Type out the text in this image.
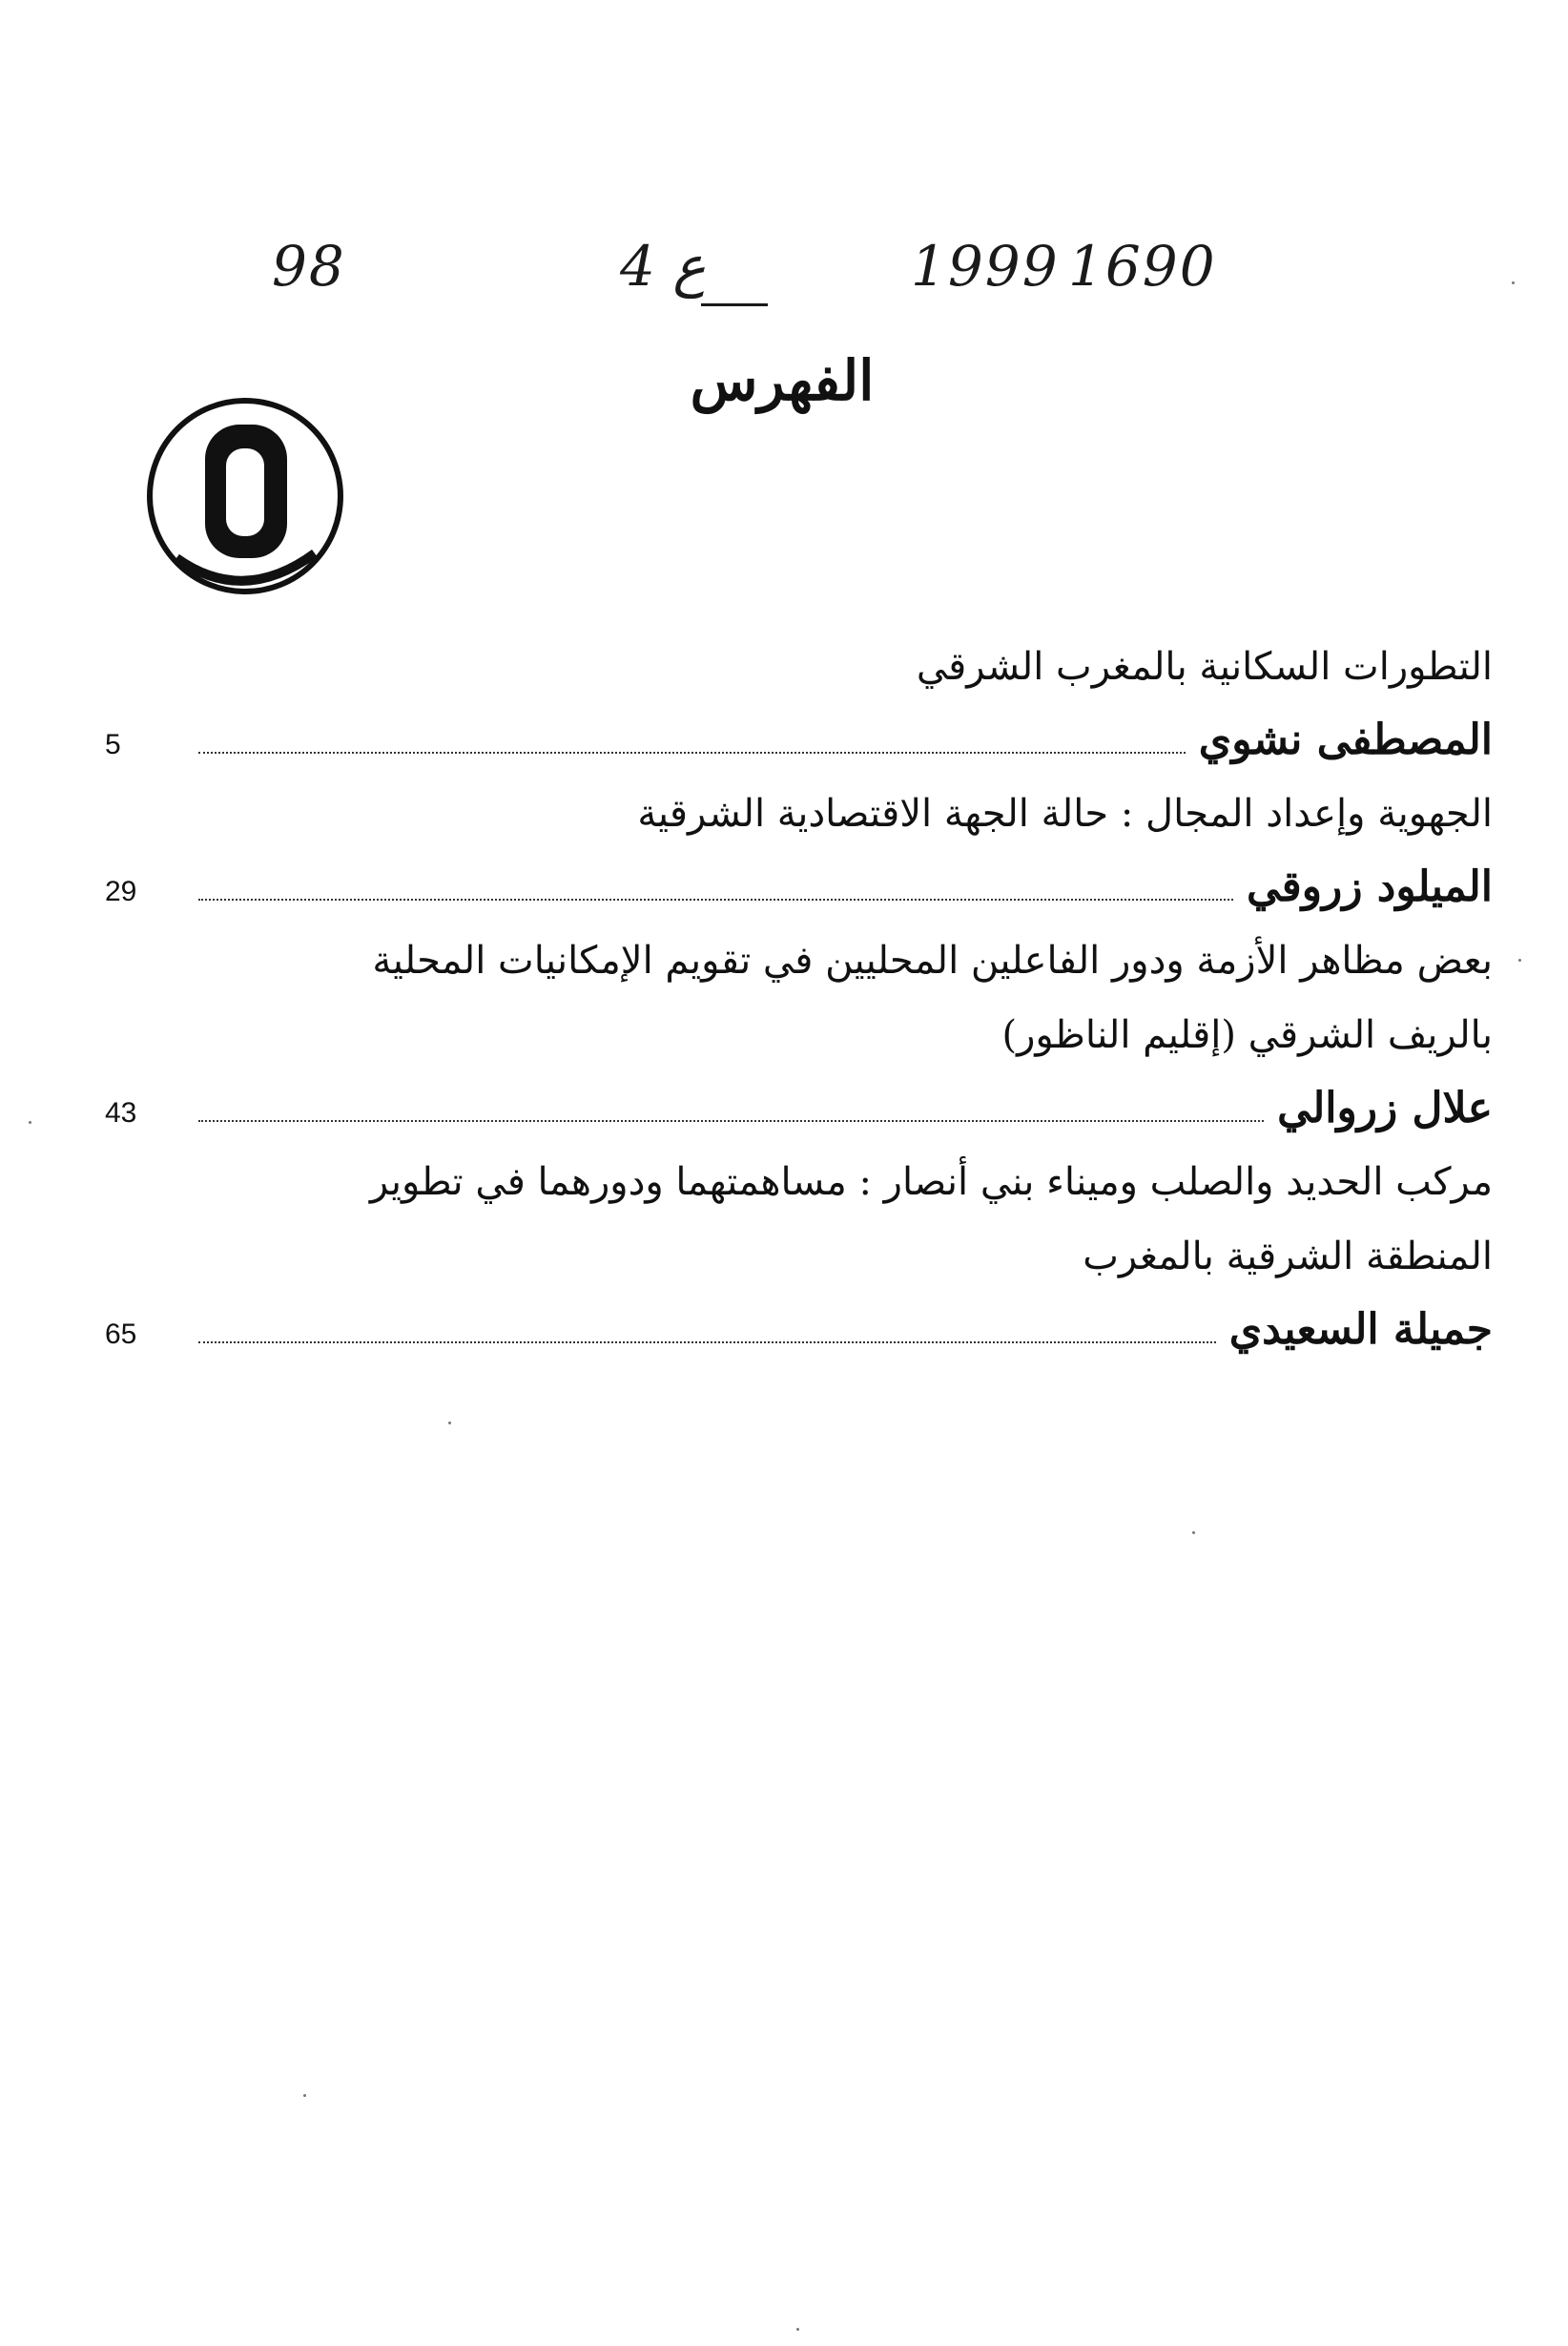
1690
1999
ع 4
98
الفهرس
التطورات السكانية بالمغرب الشرقي
المصطفى نشوي
5
الجهوية وإعداد المجال : حالة الجهة الاقتصادية الشرقية
الميلود زروقي
29
بعض مظاهر الأزمة ودور الفاعلين المحليين في تقويم الإمكانيات المحلية
بالريف الشرقي (إقليم الناظور)
علال زروالي
43
مركب الحديد والصلب وميناء بني أنصار : مساهمتهما ودورهما في تطوير
المنطقة الشرقية بالمغرب
جميلة السعيدي
65
